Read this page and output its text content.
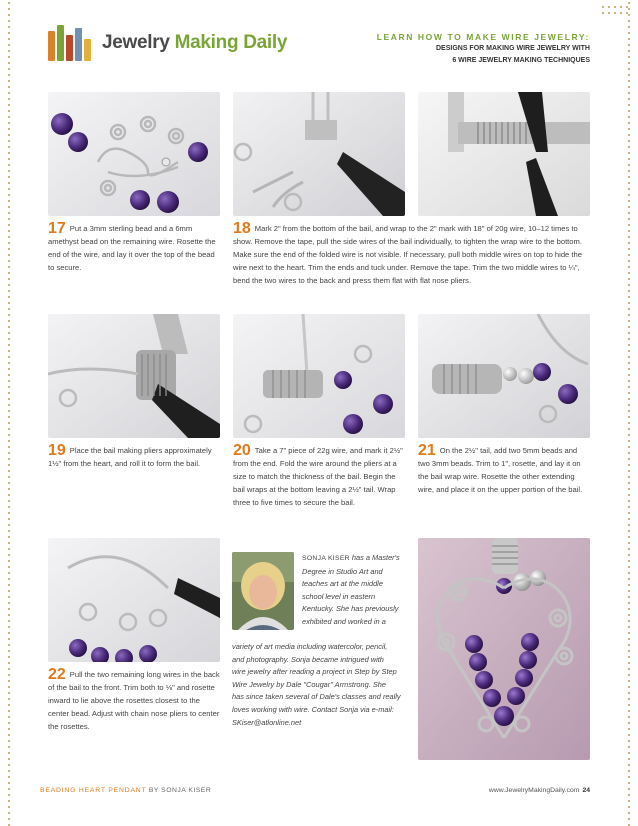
Jewelry Making Daily	LEARN HOW TO MAKE WIRE JEWELRY:
DESIGNS FOR MAKING WIRE JEWELRY WITH
6 WIRE JEWELRY MAKING TECHNIQUES
17 Put a 3mm sterling bead and a 6mm amethyst bead on the remaining wire. Rosette the end of the wire, and lay it over the top of the bead to secure.
18 Mark 2" from the bottom of the bail, and wrap to the 2" mark with 18" of 20g wire, 10–12 times to show. Remove the tape, pull the side wires of the bail individually, to tighten the wrap wire to the bottom. Make sure the end of the folded wire is not visible. If necessary, pull both middle wires on top to hide the wire next to the heart. Trim the ends and tuck under. Remove the tape. Trim the two middle wires to ¼", bend the two wires to the back and press them flat with flat nose pliers.
19 Place the bail making pliers approximately 1½" from the heart, and roll it to form the bail.
20 Take a 7" piece of 22g wire, and mark it 2½" from the end. Fold the wire around the pliers at a size to match the thickness of the bail. Begin the bail wraps at the bottom leaving a 2½" tail. Wrap three to five times to secure the bail.
21 On the 2½" tail, add two 5mm beads and two 3mm beads. Trim to 1", rosette, and lay it on the bail wrap wire. Rosette the other extending wire, and place it on the upper portion of the bail.
22 Pull the two remaining long wires in the back of the bail to the front. Trim both to ⅛" and rosette inward to lie above the rosettes closest to the center bead. Adjust with chain nose pliers to center the rosettes.
SONJA KISER has a Master's
Degree in Studio Art and
teaches art at the middle
school level in eastern
Kentucky. She has previously
exhibited and worked in a
variety of art media including watercolor, pencil,
and photography. Sonja became intrigued with
wire jewelry after reading a project in Step by Step
Wire Jewelry by Dale "Cougar" Armstrong. She
has since taken several of Dale's classes and really
loves working with wire. Contact Sonja via e-mail:
SKiser@atlonline.net
BEADING HEART PENDANT BY SONJA KISER	www.JewelryMakingDaily.com 24
